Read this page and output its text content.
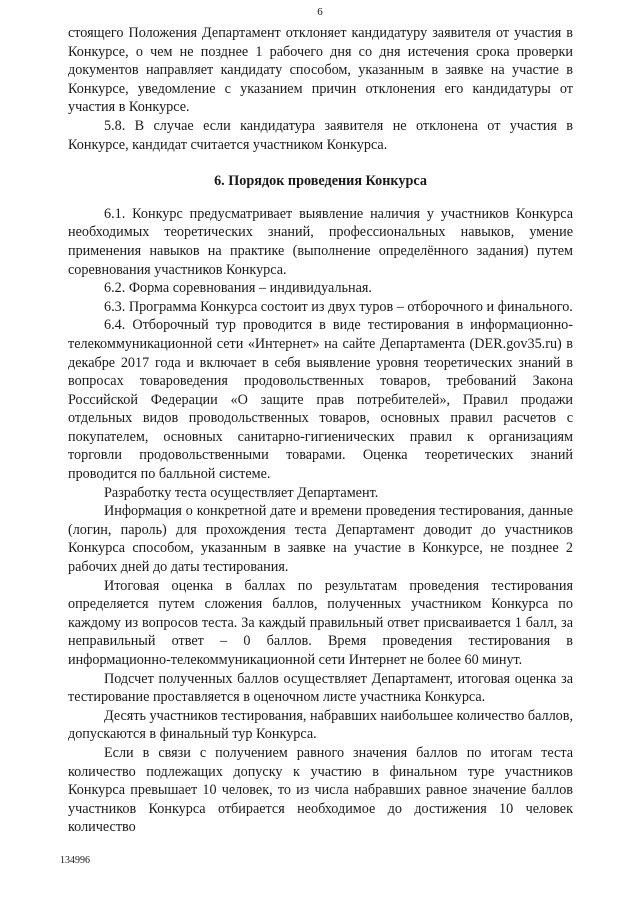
6

стоящего Положения Департамент отклоняет кандидатуру заявителя от участия в Конкурсе, о чем не позднее 1 рабочего дня со дня истечения срока проверки документов направляет кандидату способом, указанным в заявке на участие в Конкурсе, уведомление с указанием причин отклонения его кандидатуры от участия в Конкурсе.

5.8. В случае если кандидатура заявителя не отклонена от участия в Конкурсе, кандидат считается участником Конкурса.

6. Порядок проведения Конкурса

6.1. Конкурс предусматривает выявление наличия у участников Конкурса необходимых теоретических знаний, профессиональных навыков, умение применения навыков на практике (выполнение определённого задания) путем соревнования участников Конкурса.

6.2. Форма соревнования – индивидуальная.

6.3. Программа Конкурса состоит из двух туров – отборочного и финального.

6.4. Отборочный тур проводится в виде тестирования в информационно-телекоммуникационной сети «Интернет» на сайте Департамента (DER.gov35.ru) в декабре 2017 года и включает в себя выявление уровня теоретических знаний в вопросах товароведения продовольственных товаров, требований Закона Российской Федерации «О защите прав потребителей», Правил продажи отдельных видов проводольственных товаров, основных правил расчетов с покупателем, основных санитарно-гигиенических правил к организациям торговли продовольственными товарами. Оценка теоретических знаний проводится по балльной системе.

Разработку теста осуществляет Департамент.

Информация о конкретной дате и времени проведения тестирования, данные (логин, пароль) для прохождения теста Департамент доводит до участников Конкурса способом, указанным в заявке на участие в Конкурсе, не позднее 2 рабочих дней до даты тестирования.

Итоговая оценка в баллах по результатам проведения тестирования определяется путем сложения баллов, полученных участником Конкурса по каждому из вопросов теста. За каждый правильный ответ присваивается 1 балл, за неправильный ответ – 0 баллов. Время проведения тестирования в информационно-телекоммуникационной сети Интернет не более 60 минут.

Подсчет полученных баллов осуществляет Департамент, итоговая оценка за тестирование проставляется в оценочном листе участника Конкурса.

Десять участников тестирования, набравших наибольшее количество баллов, допускаются в финальный тур Конкурса.

Если в связи с получением равного значения баллов по итогам теста количество подлежащих допуску к участию в финальном туре участников Конкурса превышает 10 человек, то из числа набравших равное значение баллов участников Конкурса отбирается необходимое до достижения 10 человек количество

134996
